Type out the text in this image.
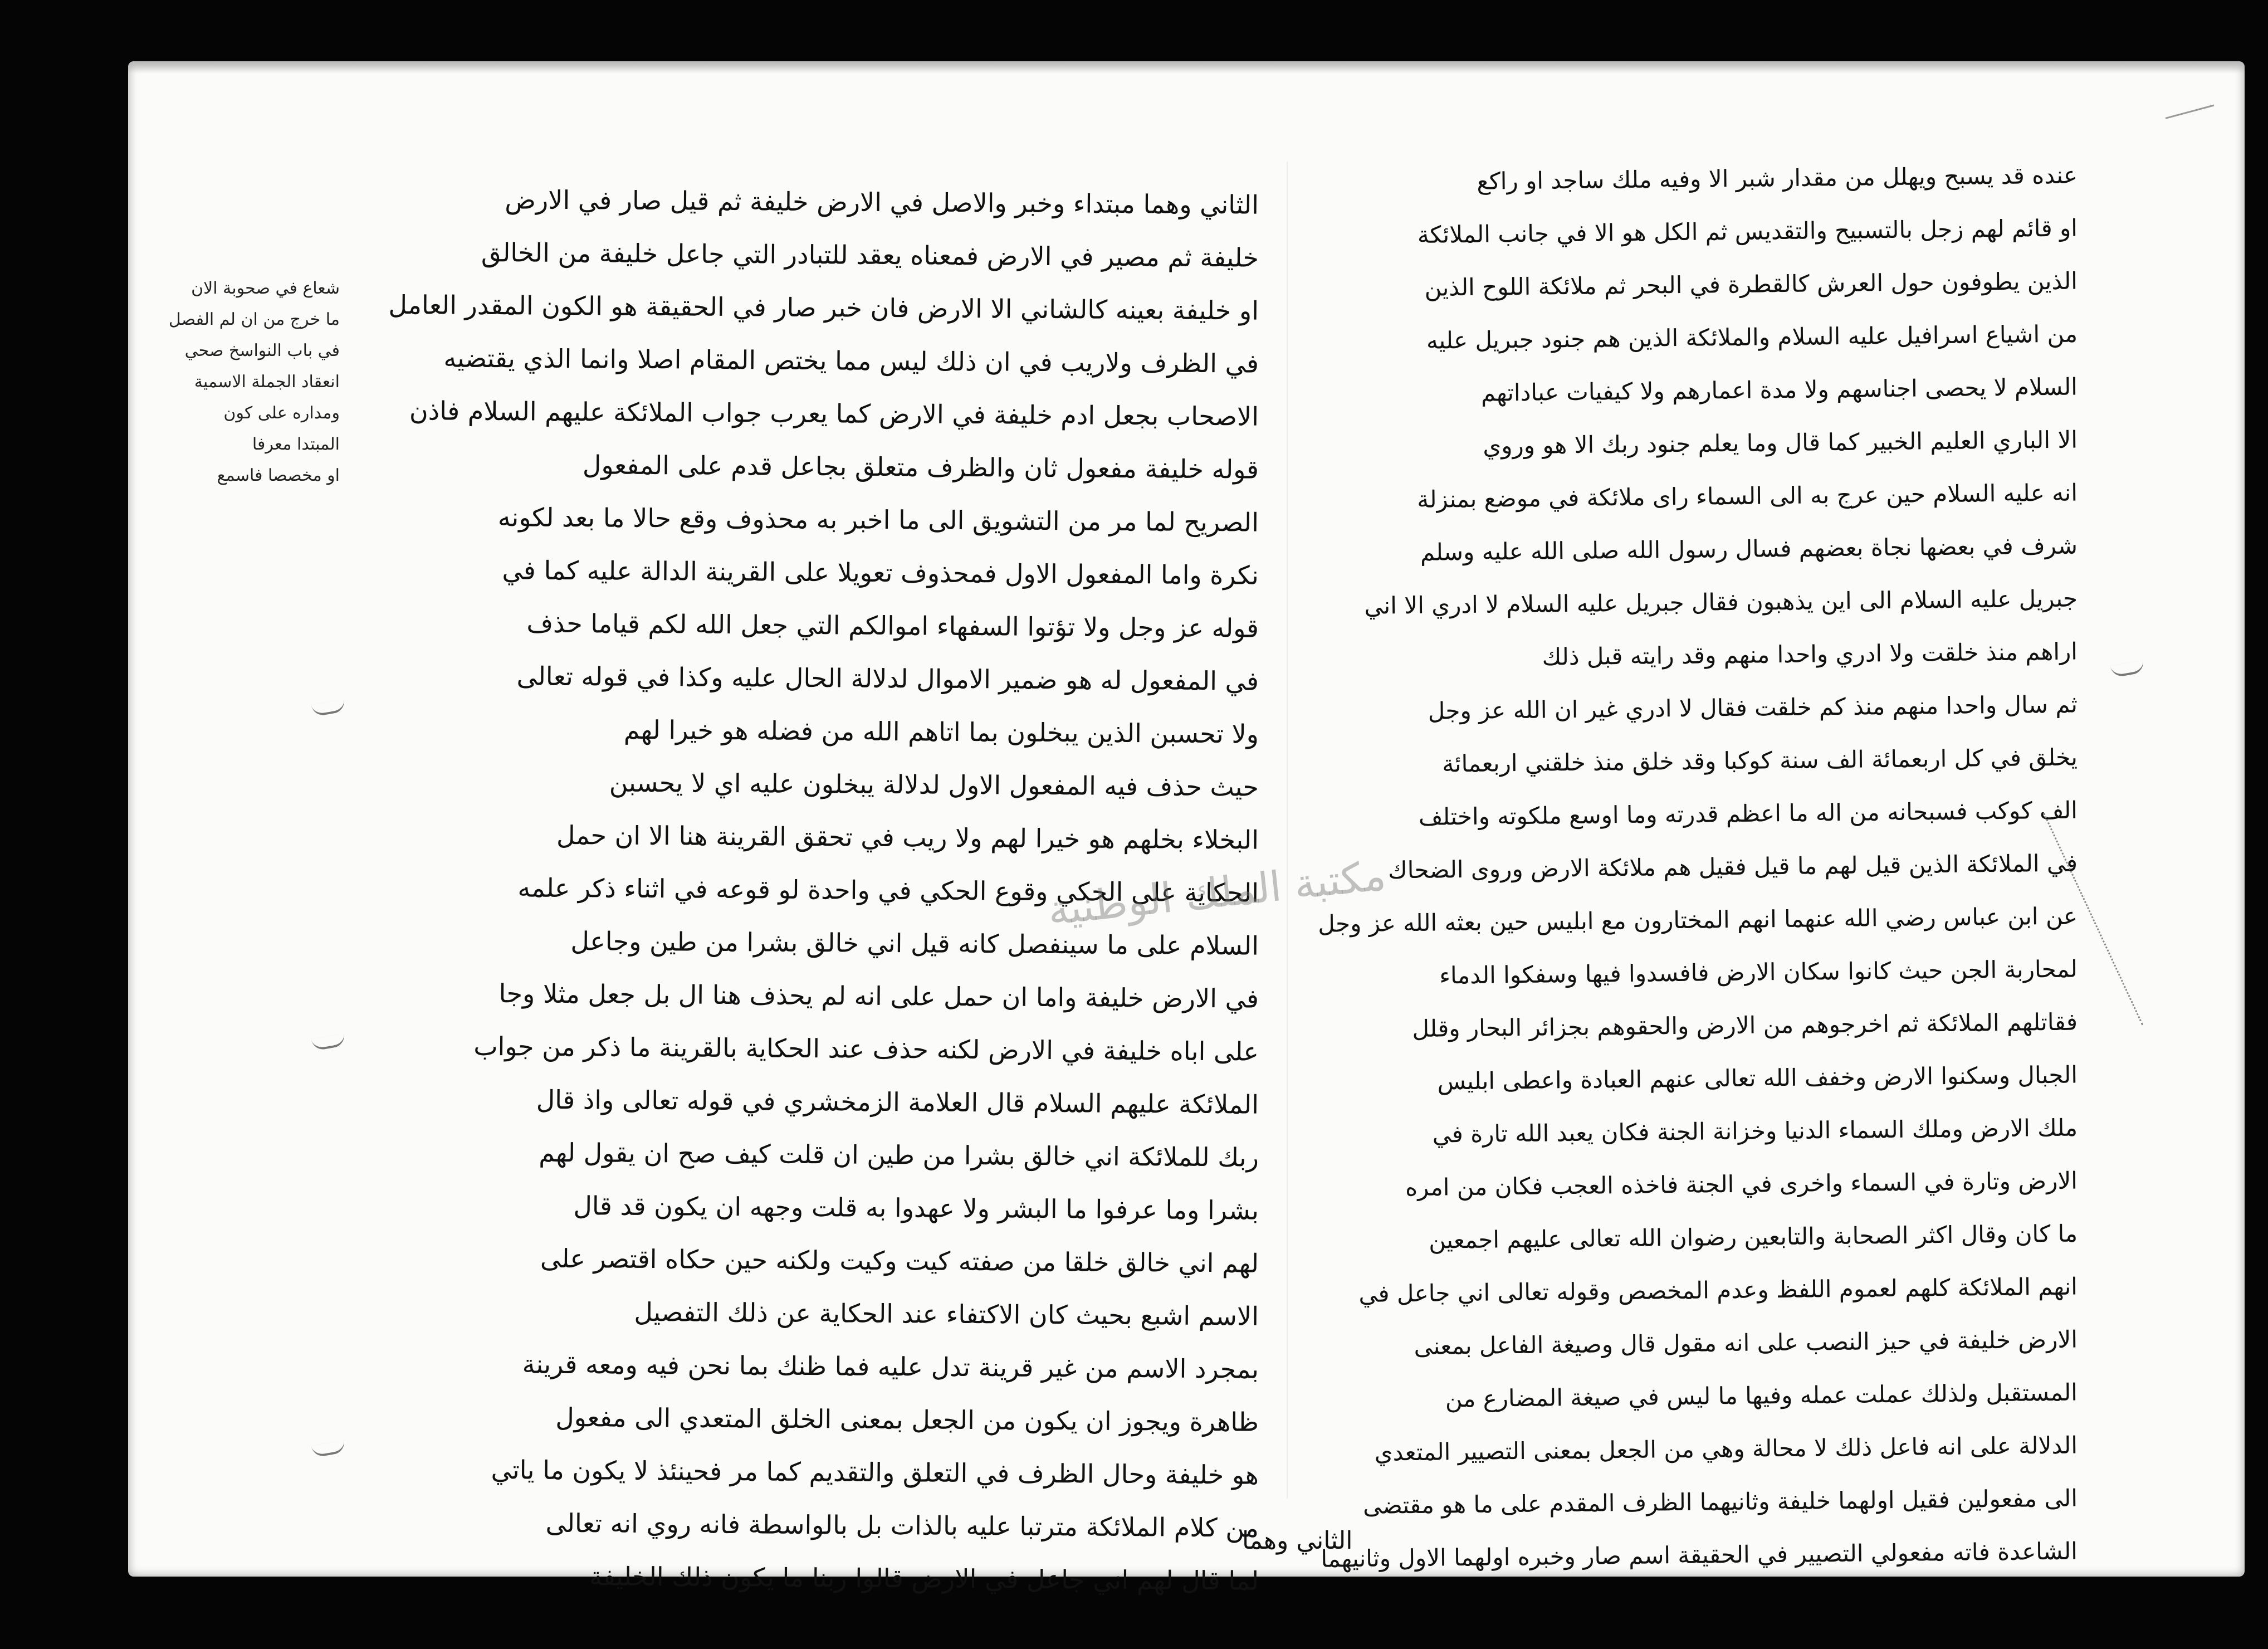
شعاع في صحوبة الان
ما خرج من ان لم الفصل
في باب النواسخ صحي
انعقاد الجملة الاسمية
ومداره على كون
المبتدا معرفا
او مخصصا فاسمع
الثاني وهما مبتداء وخبر والاصل في الارض خليفة ثم قيل صار في الارض
خليفة ثم مصير في الارض فمعناه يعقد للتبادر التي جاعل خليفة من الخالق
او خليفة بعينه كالشاني الا الارض فان خبر صار في الحقيقة هو الكون المقدر العامل
في الظرف ولاريب في ان ذلك ليس مما يختص المقام اصلا وانما الذي يقتضيه
الاصحاب بجعل ادم خليفة في الارض كما يعرب جواب الملائكة عليهم السلام فاذن
قوله خليفة مفعول ثان والظرف متعلق بجاعل قدم على المفعول
الصريح لما مر من التشويق الى ما اخبر به محذوف وقع حالا ما بعد لكونه
نكرة واما المفعول الاول فمحذوف تعويلا على القرينة الدالة عليه كما في
قوله عز وجل ولا تؤتوا السفهاء اموالكم التي جعل الله لكم قياما حذف
في المفعول له هو ضمير الاموال لدلالة الحال عليه وكذا في قوله تعالى
ولا تحسبن الذين يبخلون بما اتاهم الله من فضله هو خيرا لهم
حيث حذف فيه المفعول الاول لدلالة يبخلون عليه اي لا يحسبن
البخلاء بخلهم هو خيرا لهم ولا ريب في تحقق القرينة هنا الا ان حمل
الحكاية على الحكي وقوع الحكي في واحدة لو قوعه في اثناء ذكر علمه
السلام على ما سينفصل كانه قيل اني خالق بشرا من طين وجاعل
في الارض خليفة واما ان حمل على انه لم يحذف هنا ال بل جعل مثلا وجا
على اباه خليفة في الارض لكنه حذف عند الحكاية بالقرينة ما ذكر من جواب
الملائكة عليهم السلام قال العلامة الزمخشري في قوله تعالى واذ قال
ربك للملائكة اني خالق بشرا من طين ان قلت كيف صح ان يقول لهم
بشرا وما عرفوا ما البشر ولا عهدوا به قلت وجهه ان يكون قد قال
لهم اني خالق خلقا من صفته كيت وكيت ولكنه حين حكاه اقتصر على
الاسم اشبع بحيث كان الاكتفاء عند الحكاية عن ذلك التفصيل
بمجرد الاسم من غير قرينة تدل عليه فما ظنك بما نحن فيه ومعه قرينة
ظاهرة ويجوز ان يكون من الجعل بمعنى الخلق المتعدي الى مفعول
هو خليفة وحال الظرف في التعلق والتقديم كما مر فحينئذ لا يكون ما ياتي
من كلام الملائكة مترتبا عليه بالذات بل بالواسطة فانه روي انه تعالى
لما قال لهم اني جاعل في الارض قالوا ربنا ما يكون ذلك الخليفة
عنده قد يسبح ويهلل من مقدار شبر الا وفيه ملك ساجد او راكع
او قائم لهم زجل بالتسبيح والتقديس ثم الكل هو الا في جانب الملائكة
الذين يطوفون حول العرش كالقطرة في البحر ثم ملائكة اللوح الذين
من اشياع اسرافيل عليه السلام والملائكة الذين هم جنود جبريل عليه
السلام لا يحصى اجناسهم ولا مدة اعمارهم ولا كيفيات عباداتهم
الا الباري العليم الخبير كما قال وما يعلم جنود ربك الا هو وروي
انه عليه السلام حين عرج به الى السماء راى ملائكة في موضع بمنزلة
شرف في بعضها نجاة بعضهم فسال رسول الله صلى الله عليه وسلم
جبريل عليه السلام الى اين يذهبون فقال جبريل عليه السلام لا ادري الا اني
اراهم منذ خلقت ولا ادري واحدا منهم وقد رايته قبل ذلك
ثم سال واحدا منهم منذ كم خلقت فقال لا ادري غير ان الله عز وجل
يخلق في كل اربعمائة الف سنة كوكبا وقد خلق منذ خلقني اربعمائة
الف كوكب فسبحانه من اله ما اعظم قدرته وما اوسع ملكوته واختلف
في الملائكة الذين قيل لهم ما قيل فقيل هم ملائكة الارض وروى الضحاك
عن ابن عباس رضي الله عنهما انهم المختارون مع ابليس حين بعثه الله عز وجل
لمحاربة الجن حيث كانوا سكان الارض فافسدوا فيها وسفكوا الدماء
فقاتلهم الملائكة ثم اخرجوهم من الارض والحقوهم بجزائر البحار وقلل
الجبال وسكنوا الارض وخفف الله تعالى عنهم العبادة واعطى ابليس
ملك الارض وملك السماء الدنيا وخزانة الجنة فكان يعبد الله تارة في
الارض وتارة في السماء واخرى في الجنة فاخذه العجب فكان من امره
ما كان وقال اكثر الصحابة والتابعين رضوان الله تعالى عليهم اجمعين
انهم الملائكة كلهم لعموم اللفظ وعدم المخصص وقوله تعالى اني جاعل في
الارض خليفة في حيز النصب على انه مقول قال وصيغة الفاعل بمعنى
المستقبل ولذلك عملت عمله وفيها ما ليس في صيغة المضارع من
الدلالة على انه فاعل ذلك لا محالة وهي من الجعل بمعنى التصيير المتعدي
الى مفعولين فقيل اولهما خليفة وثانيهما الظرف المقدم على ما هو مقتضى
الشاعدة فاته مفعولي التصيير في الحقيقة اسم صار وخبره اولهما الاول وثانيهما
الثاني وهما
مكتبة الملك الوطنية
